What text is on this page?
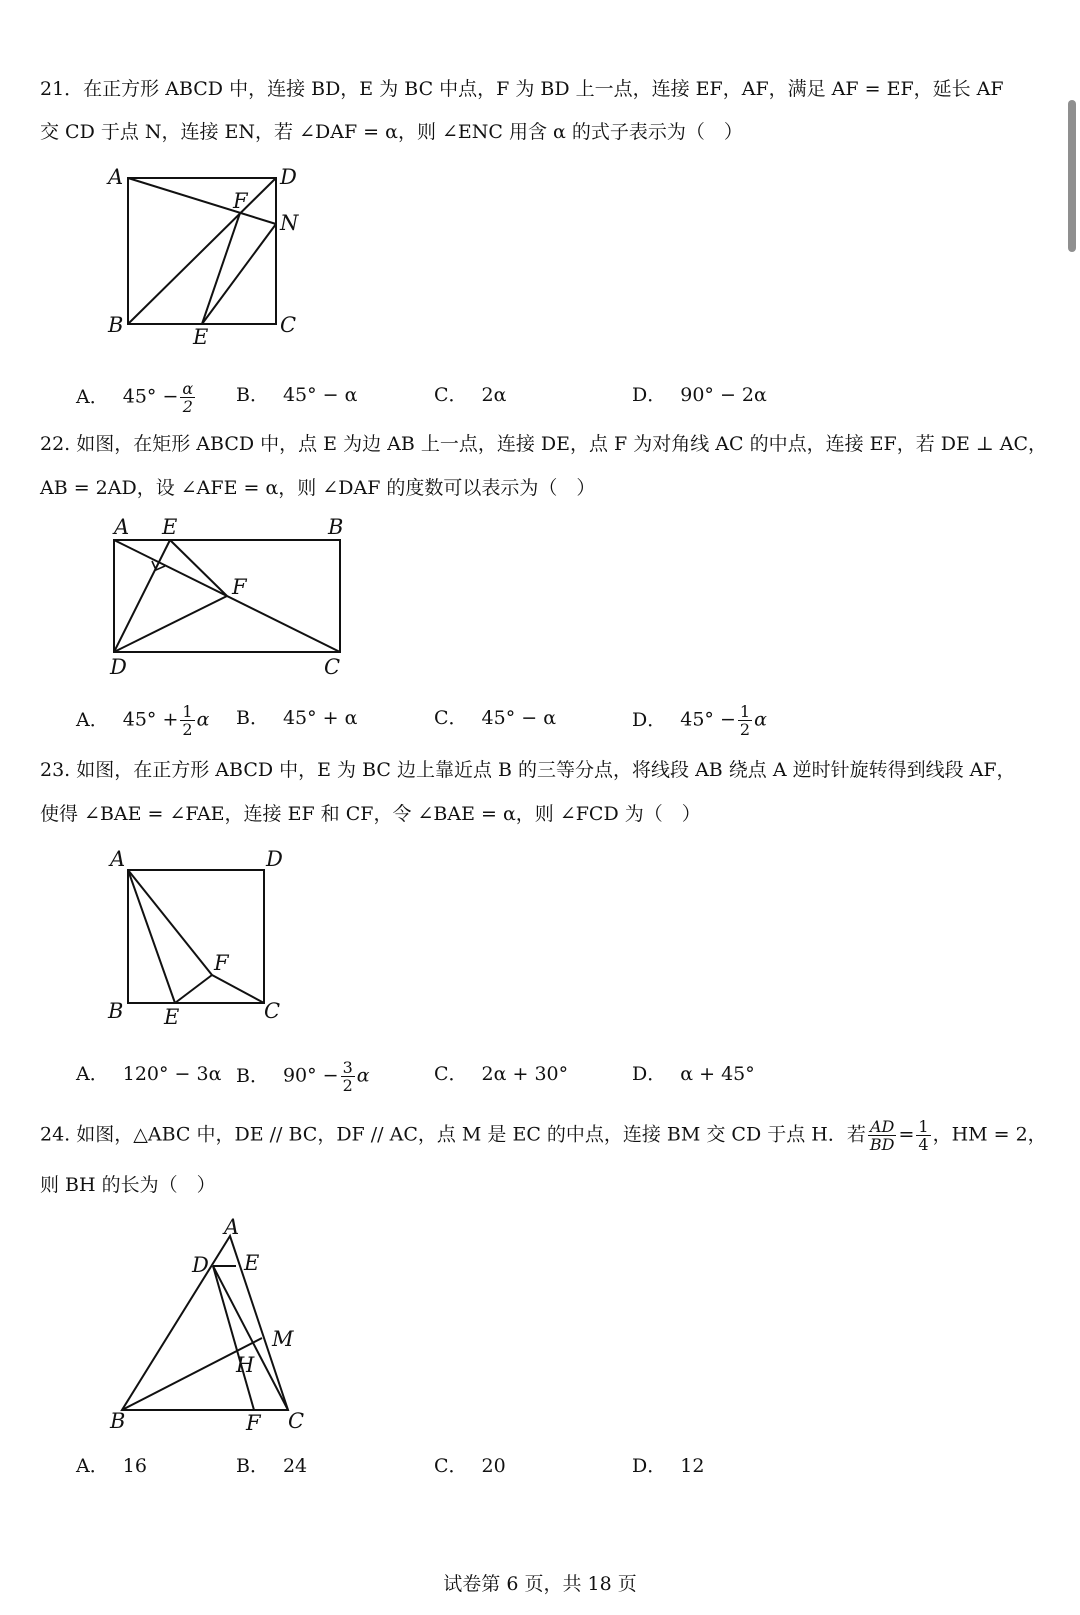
21．在正方形 ABCD 中，连接 BD，E 为 BC 中点，F 为 BD 上一点，连接 EF，AF，满足 AF = EF，延长 AF
交 CD 于点 N，连接 EN，若 ∠DAF = α，则 ∠ENC 用含 α 的式子表示为（　）
A	D
F
N
B	E	C
A． $45^\circ - \frac{\alpha}{2}$ B． 45° − α	C． 2α	D． 90° − 2α
22. 如图，在矩形 ABCD 中，点 E 为边 AB 上一点，连接 DE，点 F 为对角线 AC 的中点，连接 EF，若 DE ⊥ AC，
AB = 2AD，设 ∠AFE = α，则 ∠DAF 的度数可以表示为（　）
A E	B
F
D	C
A． $45^\circ + \frac{1}{2}$ α B． 45° + α	C． 45° − α	D． $45^\circ - \frac{1}{2}$ α
23. 如图，在正方形 ABCD 中，E 为 BC 边上靠近点 B 的三等分点，将线段 AB 绕点 A 逆时针旋转得到线段 AF，
使得 ∠BAE = ∠FAE，连接 EF 和 CF，令 ∠BAE = α，则 ∠FCD 为（　）
A	D
F
B E	C
A． 120° − 3α B． $90^\circ - \frac{3}{2}$ α	C． 2α + 30°	D． α + 45°
24. 如图，△ABC 中，DE // BC，DF // AC，点 M 是 EC 的中点，连接 BM 交 CD 于点 H．若 $\frac{AD}{BD} = \frac{1}{4}$ ，HM = 2，
则 BH 的长为（　）
A
D E
M
H
B	F C
A． 16	B． 24	C． 20	D． 12
试卷第 6 页，共 18 页
